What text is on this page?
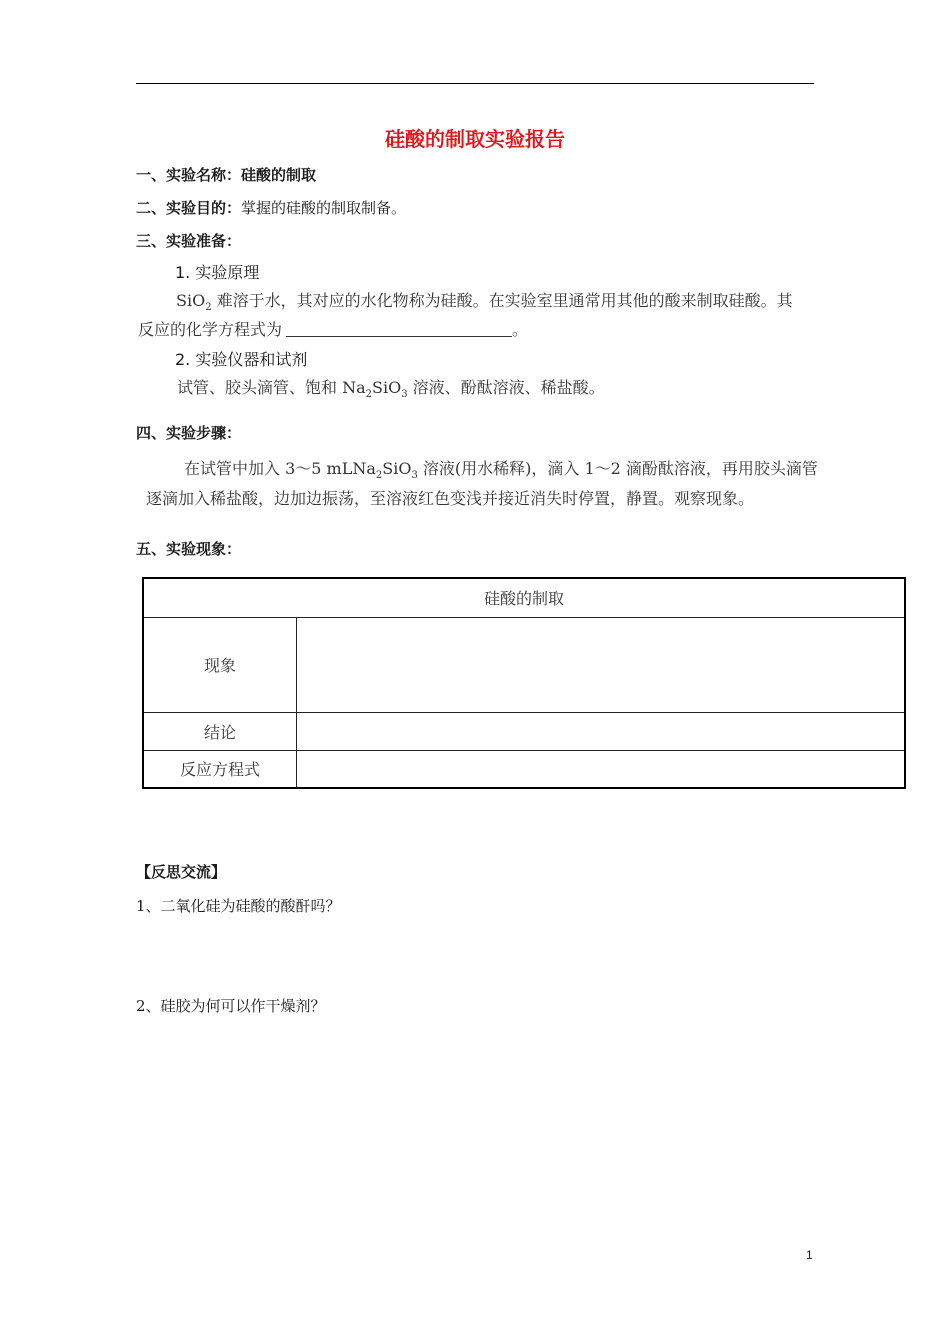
硅酸的制取实验报告
一、实验名称：硅酸的制取
二、实验目的：掌握的硅酸的制取制备。
三、实验准备：
1. 实验原理
SiO$_2$ 难溶于水，其对应的水化物称为硅酸。在实验室里通常用其他的酸来制取硅酸。其
反应的化学方程式为	。
2. 实验仪器和试剂
试管、胶头滴管、饱和 $Na_2SiO_3$ 溶液、酚酞溶液、稀盐酸。
四、实验步骤：
在试管中加入 3～5 mLNa$_2$SiO$_3$ 溶液(用水稀释)，滴入 1～2 滴酚酞溶液，再用胶头滴管
逐滴加入稀盐酸，边加边振荡，至溶液红色变浅并接近消失时停置，静置。观察现象。
五、实验现象：
硅酸的制取	
现象	
结论	
反应方程式	
【反思交流】
1、二氧化硅为硅酸的酸酐吗？
2、硅胶为何可以作干燥剂？
1
